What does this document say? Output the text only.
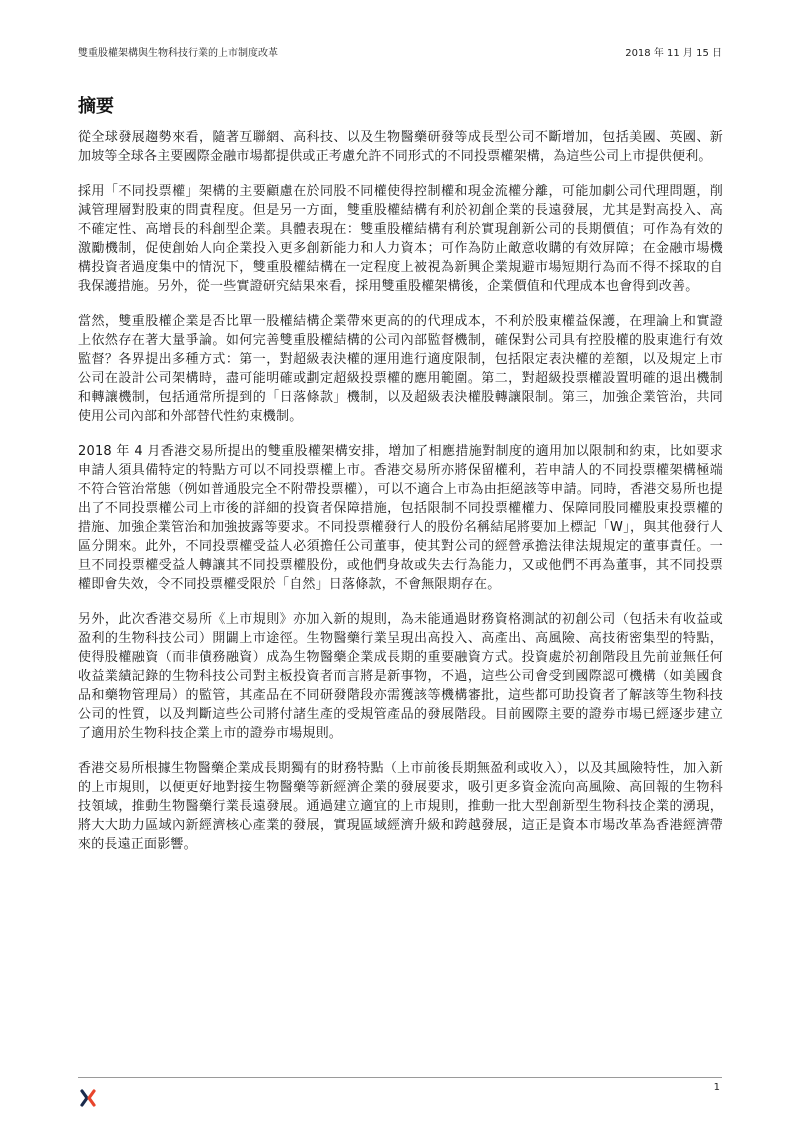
雙重股權架構與生物科技行業的上市制度改革	2018 年 11 月 15 日
摘要

從全球發展趨勢來看，隨著互聯網、高科技、以及生物醫藥研發等成長型公司不斷增加，包括美國、英國、新加坡等全球各主要國際金融市場都提供或正考慮允許不同形式的不同投票權架構，為這些公司上市提供便利。

採用「不同投票權」架構的主要顧慮在於同股不同權使得控制權和現金流權分離，可能加劇公司代理問題，削減管理層對股東的問責程度。但是另一方面，雙重股權結構有利於初創企業的長遠發展，尤其是對高投入、高不確定性、高增長的科創型企業。具體表現在：雙重股權結構有利於實現創新公司的長期價值；可作為有效的激勵機制，促使創始人向企業投入更多創新能力和人力資本；可作為防止敵意收購的有效屏障；在金融市場機構投資者過度集中的情況下，雙重股權結構在一定程度上被視為新興企業規避市場短期行為而不得不採取的自我保護措施。另外，從一些實證研究結果來看，採用雙重股權架構後，企業價值和代理成本也會得到改善。

當然，雙重股權企業是否比單一股權結構企業帶來更高的的代理成本，不利於股東權益保護，在理論上和實證上依然存在著大量爭論。如何完善雙重股權結構的公司內部監督機制，確保對公司具有控股權的股東進行有效監督？各界提出多種方式：第一，對超級表決權的運用進行適度限制，包括限定表決權的差額，以及規定上市公司在設計公司架構時，盡可能明確或劃定超級投票權的應用範圍。第二，對超級投票權設置明確的退出機制和轉讓機制，包括通常所提到的「日落條款」機制，以及超級表決權股轉讓限制。第三，加強企業管治，共同使用公司內部和外部替代性約束機制。

2018 年 4 月香港交易所提出的雙重股權架構安排，增加了相應措施對制度的適用加以限制和約束，比如要求申請人須具備特定的特點方可以不同投票權上市。香港交易所亦將保留權利，若申請人的不同投票權架構極端不符合管治常態（例如普通股完全不附帶投票權），可以不適合上市為由拒絕該等申請。同時，香港交易所也提出了不同投票權公司上市後的詳細的投資者保障措施，包括限制不同投票權權力、保障同股同權股東投票權的措施、加強企業管治和加強披露等要求。不同投票權發行人的股份名稱結尾將要加上標記「W」，與其他發行人區分開來。此外，不同投票權受益人必須擔任公司董事，使其對公司的經營承擔法律法規規定的董事責任。一旦不同投票權受益人轉讓其不同投票權股份，或他們身故或失去行為能力，又或他們不再為董事，其不同投票權即會失效，令不同投票權受限於「自然」日落條款，不會無限期存在。

另外，此次香港交易所《上市規則》亦加入新的規則，為未能通過財務資格測試的初創公司（包括未有收益或盈利的生物科技公司）開闢上市途徑。生物醫藥行業呈現出高投入、高產出、高風險、高技術密集型的特點，使得股權融資（而非債務融資）成為生物醫藥企業成長期的重要融資方式。投資處於初創階段且先前並無任何收益業績記錄的生物科技公司對主板投資者而言將是新事物，不過，這些公司會受到國際認可機構（如美國食品和藥物管理局）的監管，其產品在不同研發階段亦需獲該等機構審批，這些都可助投資者了解該等生物科技公司的性質，以及判斷這些公司將付諸生產的受規管產品的發展階段。目前國際主要的證券市場已經逐步建立了適用於生物科技企業上市的證券市場規則。

香港交易所根據生物醫藥企業成長期獨有的財務特點（上市前後長期無盈利或收入），以及其風險特性，加入新的上市規則，以便更好地對接生物醫藥等新經濟企業的發展要求，吸引更多資金流向高風險、高回報的生物科技領域，推動生物醫藥行業長遠發展。通過建立適宜的上市規則，推動一批大型創新型生物科技企業的湧現，將大大助力區域內新經濟核心產業的發展，實現區域經濟升級和跨越發展，這正是資本市場改革為香港經濟帶來的長遠正面影響。

1
